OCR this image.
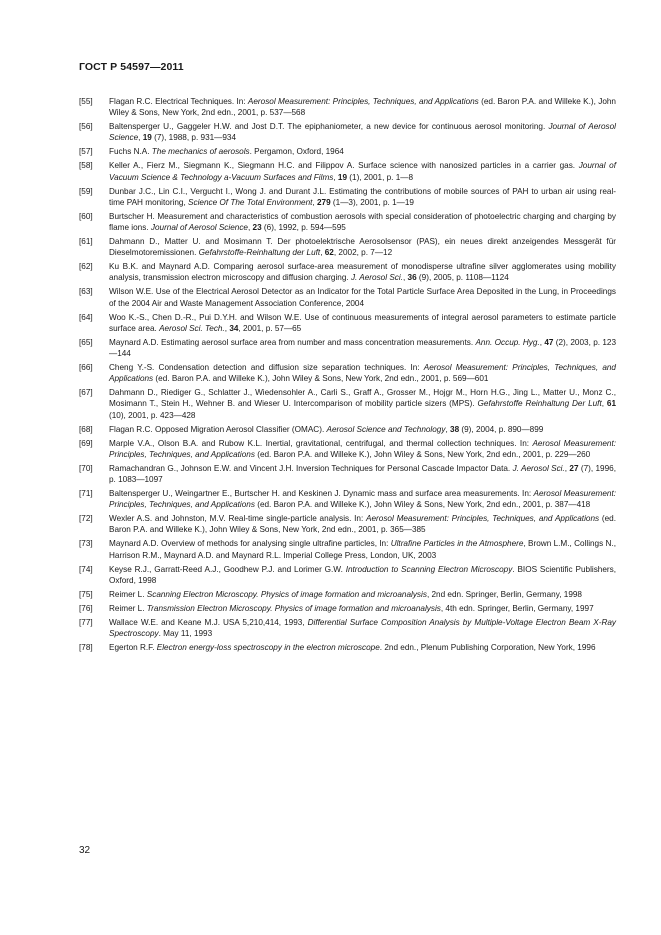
ГОСТ Р 54597—2011
[55] Flagan R.C. Electrical Techniques. In: Aerosol Measurement: Principles, Techniques, and Applications (ed. Baron P.A. and Willeke K.), John Wiley & Sons, New York, 2nd edn., 2001, p. 537—568
[56] Baltensperger U., Gaggeler H.W. and Jost D.T. The epiphaniometer, a new device for continuous aerosol monitoring. Journal of Aerosol Science, 19 (7), 1988, p. 931—934
[57] Fuchs N.A. The mechanics of aerosols. Pergamon, Oxford, 1964
[58] Keller A., Fierz M., Siegmann K., Siegmann H.C. and Filippov A. Surface science with nanosized particles in a carrier gas. Journal of Vacuum Science & Technology a-Vacuum Surfaces and Films, 19 (1), 2001, p. 1—8
[59] Dunbar J.C., Lin C.I., Vergucht I., Wong J. and Durant J.L. Estimating the contributions of mobile sources of PAH to urban air using real-time PAH monitoring, Science Of The Total Environment, 279 (1—3), 2001, p. 1—19
[60] Burtscher H. Measurement and characteristics of combustion aerosols with special consideration of photoelectric charging and charging by flame ions. Journal of Aerosol Science, 23 (6), 1992, p. 594—595
[61] Dahmann D., Matter U. and Mosimann T. Der photoelektrische Aerosolsensor (PAS), ein neues direkt anzeigendes Messgerät für Dieselmotoremissionen. Gefahrstoffe-Reinhaltung der Luft, 62, 2002, p. 7—12
[62] Ku B.K. and Maynard A.D. Comparing aerosol surface-area measurement of monodisperse ultrafine silver agglomerates using mobility analysis, transmission electron microscopy and diffusion charging. J. Aerosol Sci., 36 (9), 2005, p. 1108—1124
[63] Wilson W.E. Use of the Electrical Aerosol Detector as an Indicator for the Total Particle Surface Area Deposited in the Lung, in Proceedings of the 2004 Air and Waste Management Association Conference, 2004
[64] Woo K.-S., Chen D.-R., Pui D.Y.H. and Wilson W.E. Use of continuous measurements of integral aerosol parameters to estimate particle surface area. Aerosol Sci. Tech., 34, 2001, p. 57—65
[65] Maynard A.D. Estimating aerosol surface area from number and mass concentration measurements. Ann. Occup. Hyg., 47 (2), 2003, p. 123—144
[66] Cheng Y.-S. Condensation detection and diffusion size separation techniques. In: Aerosol Measurement: Principles, Techniques, and Applications (ed. Baron P.A. and Willeke K.), John Wiley & Sons, New York, 2nd edn., 2001, p. 569—601
[67] Dahmann D., Riediger G., Schlatter J., Wiedensohler A., Carli S., Graff A., Grosser M., Hojgr M., Horn H.G., Jing L., Matter U., Monz C., Mosimann T., Stein H., Wehner B. and Wieser U. Intercomparison of mobility particle sizers (MPS). Gefahrstoffe Reinhaltung Der Luft, 61 (10), 2001, p. 423—428
[68] Flagan R.C. Opposed Migration Aerosol Classifier (OMAC). Aerosol Science and Technology, 38 (9), 2004, p. 890—899
[69] Marple V.A., Olson B.A. and Rubow K.L. Inertial, gravitational, centrifugal, and thermal collection techniques. In: Aerosol Measurement: Principles, Techniques, and Applications (ed. Baron P.A. and Willeke K.), John Wiley & Sons, New York, 2nd edn., 2001, p. 229—260
[70] Ramachandran G., Johnson E.W. and Vincent J.H. Inversion Techniques for Personal Cascade Impactor Data. J. Aerosol Sci., 27 (7), 1996, p. 1083—1097
[71] Baltensperger U., Weingartner E., Burtscher H. and Keskinen J. Dynamic mass and surface area measurements. In: Aerosol Measurement: Principles, Techniques, and Applications (ed. Baron P.A. and Willeke K.), John Wiley & Sons, New York, 2nd edn., 2001, p. 387—418
[72] Wexler A.S. and Johnston, M.V. Real-time single-particle analysis. In: Aerosol Measurement: Principles, Techniques, and Applications (ed. Baron P.A. and Willeke K.), John Wiley & Sons, New York, 2nd edn., 2001, p. 365—385
[73] Maynard A.D. Overview of methods for analysing single ultrafine particles, In: Ultrafine Particles in the Atmosphere, Brown L.M., Collings N., Harrison R.M., Maynard A.D. and Maynard R.L. Imperial College Press, London, UK, 2003
[74] Keyse R.J., Garratt-Reed A.J., Goodhew P.J. and Lorimer G.W. Introduction to Scanning Electron Microscopy. BIOS Scientific Publishers, Oxford, 1998
[75] Reimer L. Scanning Electron Microscopy. Physics of image formation and microanalysis, 2nd edn. Springer, Berlin, Germany, 1998
[76] Reimer L. Transmission Electron Microscopy. Physics of image formation and microanalysis, 4th edn. Springer, Berlin, Germany, 1997
[77] Wallace W.E. and Keane M.J. USA 5,210,414, 1993, Differential Surface Composition Analysis by Multiple-Voltage Electron Beam X-Ray Spectroscopy. May 11, 1993
[78] Egerton R.F. Electron energy-loss spectroscopy in the electron microscope. 2nd edn., Plenum Publishing Corporation, New York, 1996
32
